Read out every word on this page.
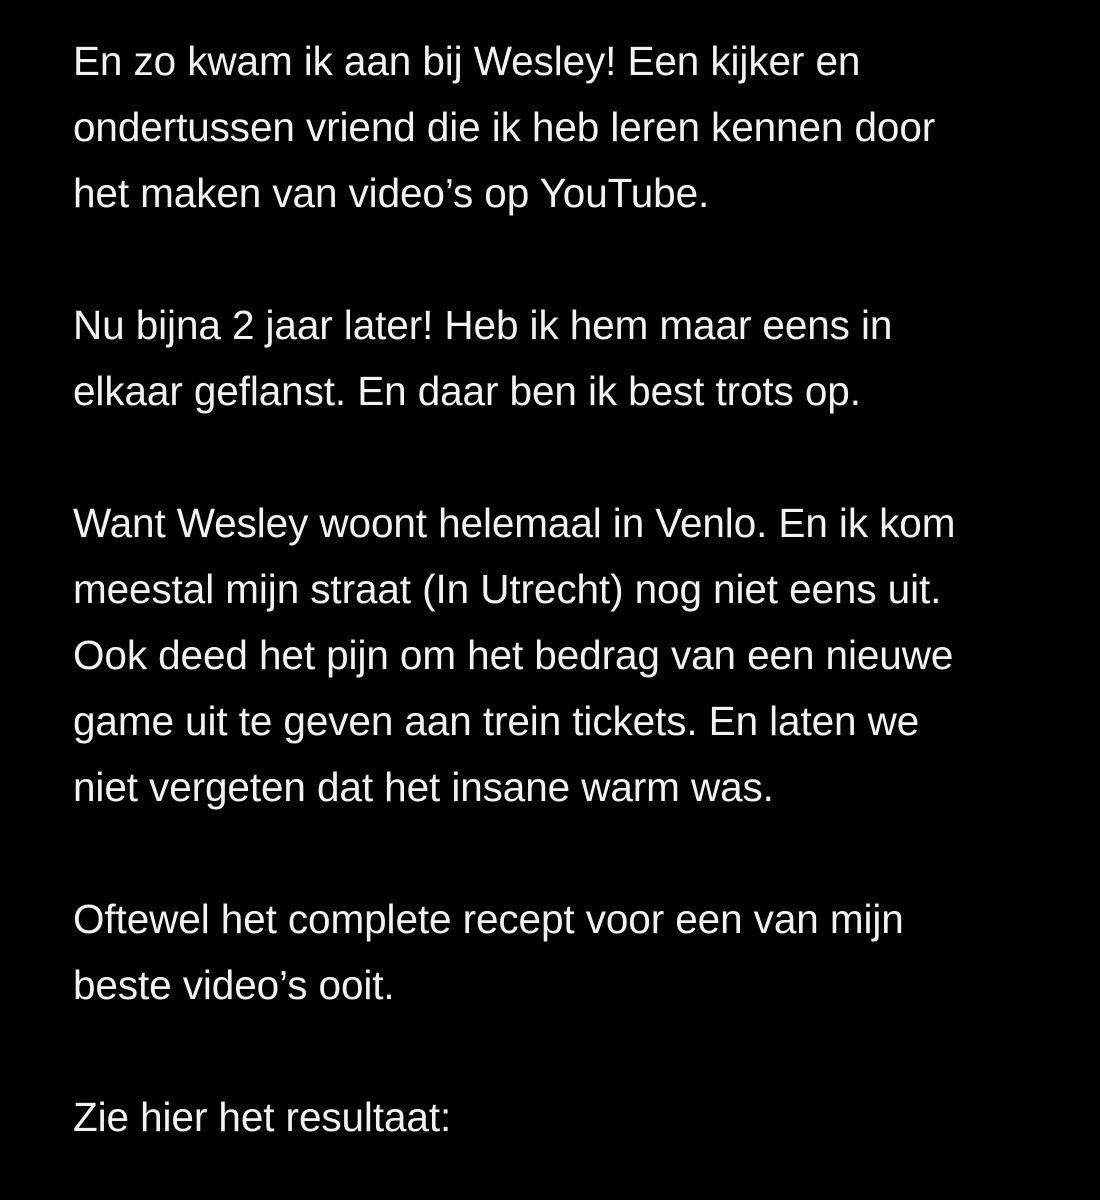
En zo kwam ik aan bij Wesley! Een kijker en
ondertussen vriend die ik heb leren kennen door
het maken van video’s op YouTube.
Nu bijna 2 jaar later! Heb ik hem maar eens in
elkaar geflanst. En daar ben ik best trots op.
Want Wesley woont helemaal in Venlo. En ik kom
meestal mijn straat (In Utrecht) nog niet eens uit.
Ook deed het pijn om het bedrag van een nieuwe
game uit te geven aan trein tickets. En laten we
niet vergeten dat het insane warm was.
Oftewel het complete recept voor een van mijn
beste video’s ooit.
Zie hier het resultaat:
